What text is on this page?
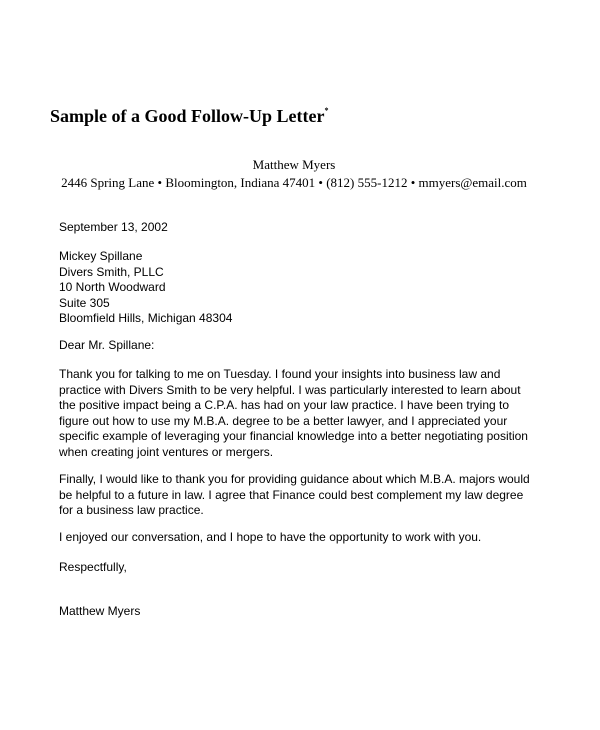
Sample of a Good Follow-Up Letter*
Matthew Myers
2446 Spring Lane • Bloomington, Indiana 47401 • (812) 555-1212 • mmyers@email.com
September 13, 2002
Mickey Spillane
Divers Smith, PLLC
10 North Woodward
Suite 305
Bloomfield Hills, Michigan 48304
Dear Mr. Spillane:
Thank you for talking to me on Tuesday. I found your insights into business law and
practice with Divers Smith to be very helpful. I was particularly interested to learn about
the positive impact being a C.P.A. has had on your law practice. I have been trying to
figure out how to use my M.B.A. degree to be a better lawyer, and I appreciated your
specific example of leveraging your financial knowledge into a better negotiating position
when creating joint ventures or mergers.
Finally, I would like to thank you for providing guidance about which M.B.A. majors would
be helpful to a future in law. I agree that Finance could best complement my law degree
for a business law practice.
I enjoyed our conversation, and I hope to have the opportunity to work with you.
Respectfully,
Matthew Myers
